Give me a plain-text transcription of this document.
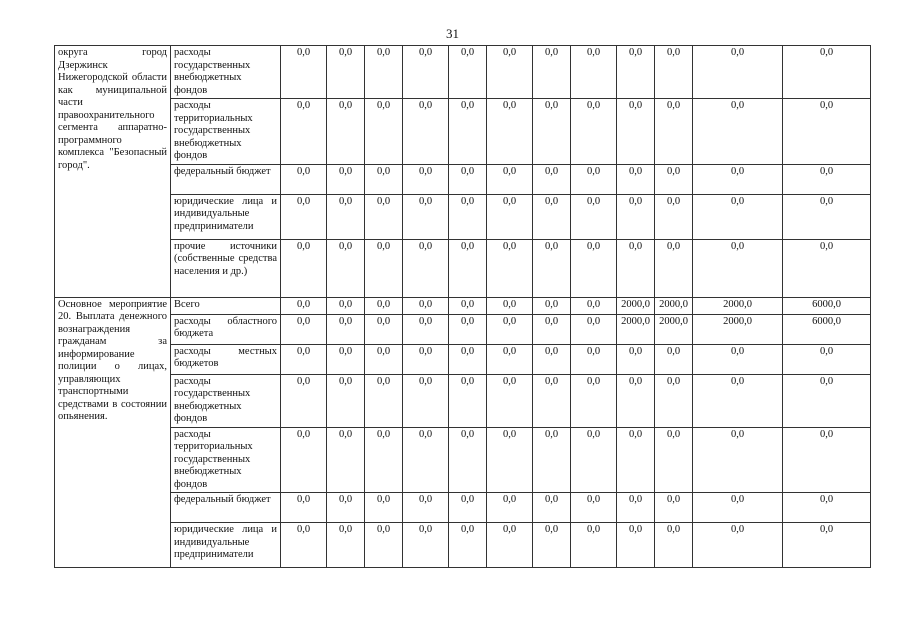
31
округа город Дзержинск Нижегородской области как муниципальной части правоохранительного сегмента аппаратно-программного комплекса "Безопасный город".	расходы государственных внебюджетных фондов	0,0	0,0	0,0	0,0	0,0	0,0	0,0	0,0	0,0	0,0	0,0	0,0
	расходы территориальных государственных внебюджетных фондов	0,0	0,0	0,0	0,0	0,0	0,0	0,0	0,0	0,0	0,0	0,0	0,0
	федеральный бюджет	0,0	0,0	0,0	0,0	0,0	0,0	0,0	0,0	0,0	0,0	0,0	0,0
	юридические лица и индивидуальные предприниматели	0,0	0,0	0,0	0,0	0,0	0,0	0,0	0,0	0,0	0,0	0,0	0,0
	прочие источники (собственные средства населения и др.)	0,0	0,0	0,0	0,0	0,0	0,0	0,0	0,0	0,0	0,0	0,0	0,0
Основное мероприятие 20. Выплата денежного вознаграждения гражданам за информирование полиции о лицах, управляющих транспортными средствами в состоянии опьянения.	Всего	0,0	0,0	0,0	0,0	0,0	0,0	0,0	0,0	2000,0	2000,0	2000,0	6000,0
	расходы областного бюджета	0,0	0,0	0,0	0,0	0,0	0,0	0,0	0,0	2000,0	2000,0	2000,0	6000,0
	расходы местных бюджетов	0,0	0,0	0,0	0,0	0,0	0,0	0,0	0,0	0,0	0,0	0,0	0,0
	расходы государственных внебюджетных фондов	0,0	0,0	0,0	0,0	0,0	0,0	0,0	0,0	0,0	0,0	0,0	0,0
	расходы территориальных государственных внебюджетных фондов	0,0	0,0	0,0	0,0	0,0	0,0	0,0	0,0	0,0	0,0	0,0	0,0
	федеральный бюджет	0,0	0,0	0,0	0,0	0,0	0,0	0,0	0,0	0,0	0,0	0,0	0,0
	юридические лица и индивидуальные предприниматели	0,0	0,0	0,0	0,0	0,0	0,0	0,0	0,0	0,0	0,0	0,0	0,0
